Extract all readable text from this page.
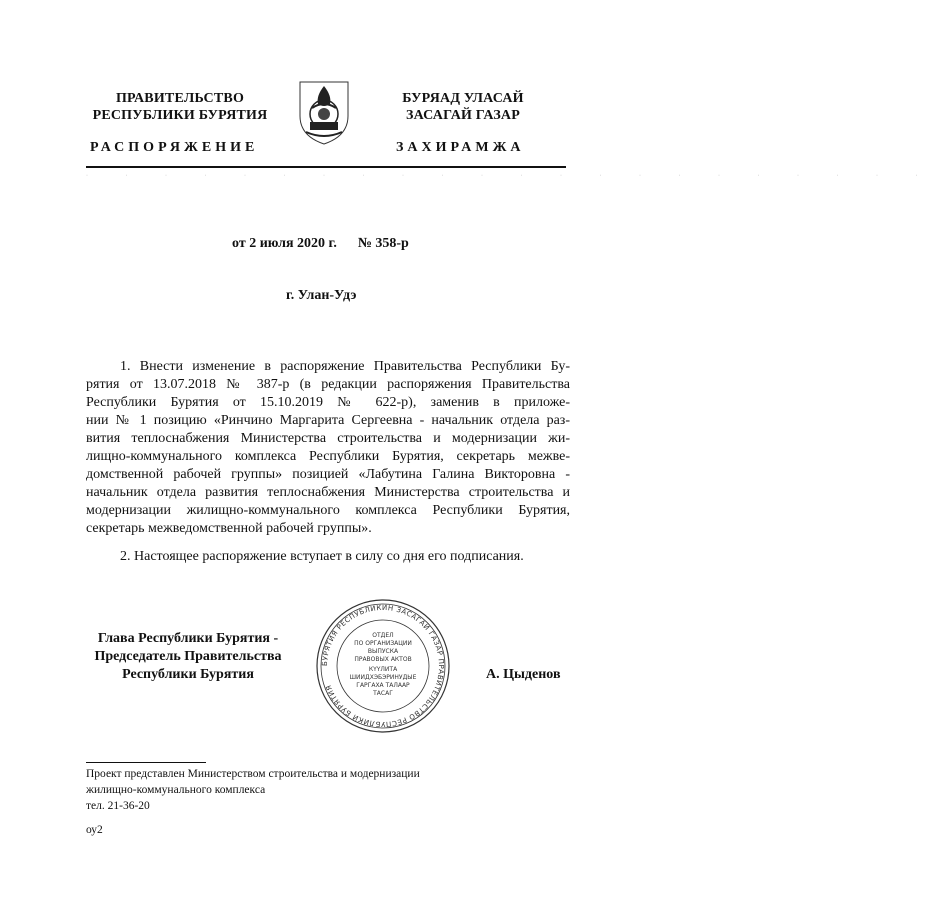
ПРАВИТЕЛЬСТВО
РЕСПУБЛИКИ БУРЯТИЯ
БУРЯАД УЛАСАЙ
ЗАСАГАЙ ГАЗАР
РАСПОРЯЖЕНИЕ	ЗАХИРАМЖА
· · · · · · · · · · · · · · · · · · · · · ·
от 2 июля 2020 г. № 358-р
г. Улан-Удэ
1. Внести изменение в распоряжение Правительства Республики Бу-
рятия от 13.07.2018 № 387-р (в редакции распоряжения Правительства
Республики Бурятия от 15.10.2019 № 622-р), заменив в приложе-
нии № 1 позицию «Ринчино Маргарита Сергеевна - начальник отдела раз-
вития теплоснабжения Министерства строительства и модернизации жи-
лищно-коммунального комплекса Республики Бурятия, секретарь межве-
домственной рабочей группы» позицией «Лабутина Галина Викторовна -
начальник отдела развития теплоснабжения Министерства строительства и
модернизации жилищно-коммунального комплекса Республики Бурятия,
секретарь межведомственной рабочей группы».
2. Настоящее распоряжение вступает в силу со дня его подписания.
Глава Республики Бурятия -
Председатель Правительства
Республики Бурятия
БУРЯТИЯ РЕСПУБЛИКИН ЗАСАГАЙ ГАЗАР ПРАВИТЕЛЬСТВО РЕСПУБЛИКИ БУРЯТИЯ
ОТДЕЛ
ПО ОРГАНИЗАЦИИ
ВЫПУСКА
ПРАВОВЫХ АКТОВ
КҮҮЛИТА
ШИИДХЭБЭРИНУДЫЕ
ГАРГАХА ТАЛААР
ТАСАГ
А. Цыденов
Проект представлен Министерством строительства и модернизации
жилищно-коммунального комплекса
тел. 21-36-20
оу2
